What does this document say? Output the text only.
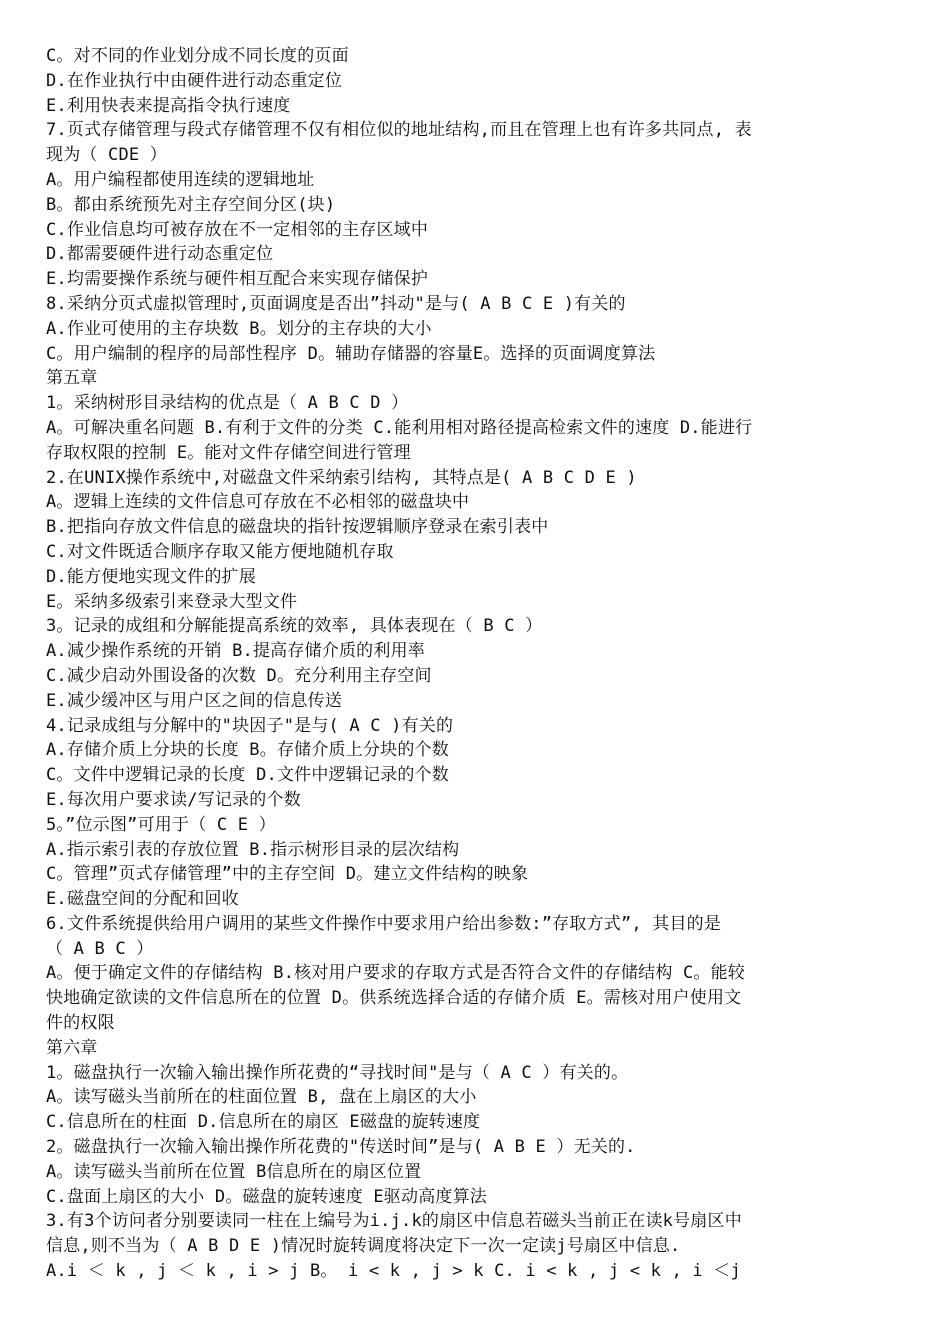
C。对不同的作业划分成不同长度的页面
D.在作业执行中由硬件进行动态重定位
E.利用快表来提高指令执行速度
7.页式存储管理与段式存储管理不仅有相位似的地址结构,而且在管理上也有许多共同点, 表
现为（ CDE ）
A。用户编程都使用连续的逻辑地址
B。都由系统预先对主存空间分区(块)
C.作业信息均可被存放在不一定相邻的主存区域中
D.都需要硬件进行动态重定位
E.均需要操作系统与硬件相互配合来实现存储保护
8.采纳分页式虚拟管理时,页面调度是否出”抖动"是与( A B C E )有关的
A.作业可使用的主存块数 B。划分的主存块的大小
C。用户编制的程序的局部性程序 D。辅助存储器的容量E。选择的页面调度算法
第五章
1。采纳树形目录结构的优点是（ A B C D ）
A。可解决重名问题 B.有利于文件的分类 C.能利用相对路径提高检索文件的速度 D.能进行
存取权限的控制 E。能对文件存储空间进行管理
2.在UNIX操作系统中,对磁盘文件采纳索引结构, 其特点是( A B C D E )
A。逻辑上连续的文件信息可存放在不必相邻的磁盘块中
B.把指向存放文件信息的磁盘块的指针按逻辑顺序登录在索引表中
C.对文件既适合顺序存取又能方便地随机存取
D.能方便地实现文件的扩展
E。采纳多级索引来登录大型文件
3。记录的成组和分解能提高系统的效率, 具体表现在（ B C ）
A.减少操作系统的开销 B.提高存储介质的利用率
C.减少启动外围设备的次数 D。充分利用主存空间
E.减少缓冲区与用户区之间的信息传送
4.记录成组与分解中的"块因子"是与( A C )有关的
A.存储介质上分块的长度 B。存储介质上分块的个数
C。文件中逻辑记录的长度 D.文件中逻辑记录的个数
E.每次用户要求读/写记录的个数
5。”位示图”可用于（ C E ）
A.指示索引表的存放位置 B.指示树形目录的层次结构
C。管理”页式存储管理”中的主存空间 D。建立文件结构的映象
E.磁盘空间的分配和回收
6.文件系统提供给用户调用的某些文件操作中要求用户给出参数:”存取方式”, 其目的是
（ A B C ）
A。便于确定文件的存储结构 B.核对用户要求的存取方式是否符合文件的存储结构 C。能较
快地确定欲读的文件信息所在的位置 D。供系统选择合适的存储介质 E。需核对用户使用文
件的权限
第六章
1。磁盘执行一次输入输出操作所花费的“寻找时间"是与（ A C ）有关的。
A。读写磁头当前所在的柱面位置 B, 盘在上扇区的大小
C.信息所在的柱面 D.信息所在的扇区 E磁盘的旋转速度
2。磁盘执行一次输入输出操作所花费的"传送时间”是与( A B E ）无关的.
A。读写磁头当前所在位置 B信息所在的扇区位置
C.盘面上扇区的大小 D。磁盘的旋转速度 E驱动高度算法
3.有3个访问者分别要读同一柱在上编号为i.j.k的扇区中信息若磁头当前正在读k号扇区中
信息,则不当为（ A B D E )情况时旋转调度将决定下一次一定读j号扇区中信息.
A.i ＜ k , j ＜ k , i > j B。 i < k , j > k C. i < k , j < k , i ＜j
